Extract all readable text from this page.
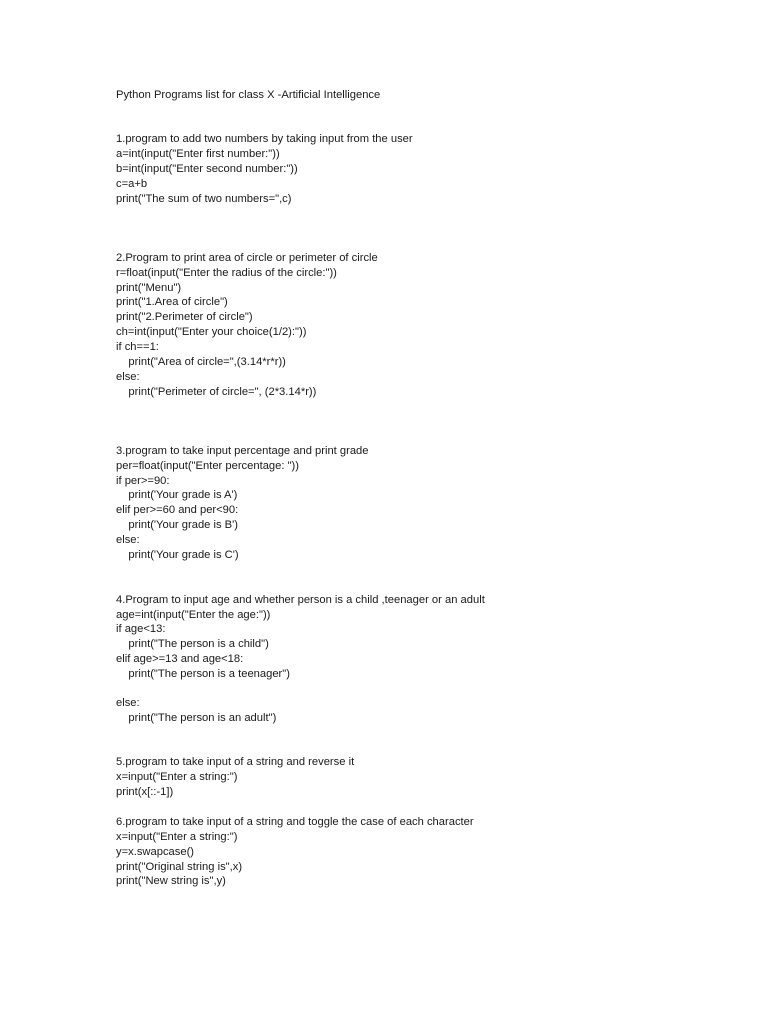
Python Programs list for class X -Artificial Intelligence
1.program to add two numbers by taking input from the user
a=int(input("Enter first number:"))
b=int(input("Enter second number:"))
c=a+b
print("The sum of two numbers=",c)
2.Program to print area of circle or perimeter of circle
r=float(input("Enter the radius of the circle:"))
print("Menu")
print("1.Area of circle")
print("2.Perimeter of circle")
ch=int(input("Enter your choice(1/2):"))
if ch==1:
print("Area of circle=",(3.14*r*r))
else:
print("Perimeter of circle=", (2*3.14*r))
3.program to take input percentage and print grade
per=float(input("Enter percentage: "))
if per>=90:
print('Your grade is A')
elif per>=60 and per<90:
print('Your grade is B')
else:
print('Your grade is C')
4.Program to input age and whether person is a child ,teenager or an adult
age=int(input("Enter the age:"))
if age<13:
print("The person is a child")
elif age>=13 and age<18:
print("The person is a teenager")
else:
print("The person is an adult")
5.program to take input of a string and reverse it
x=input("Enter a string:")
print(x[::-1])
6.program to take input of a string and toggle the case of each character
x=input("Enter a string:")
y=x.swapcase()
print("Original string is",x)
print("New string is",y)
